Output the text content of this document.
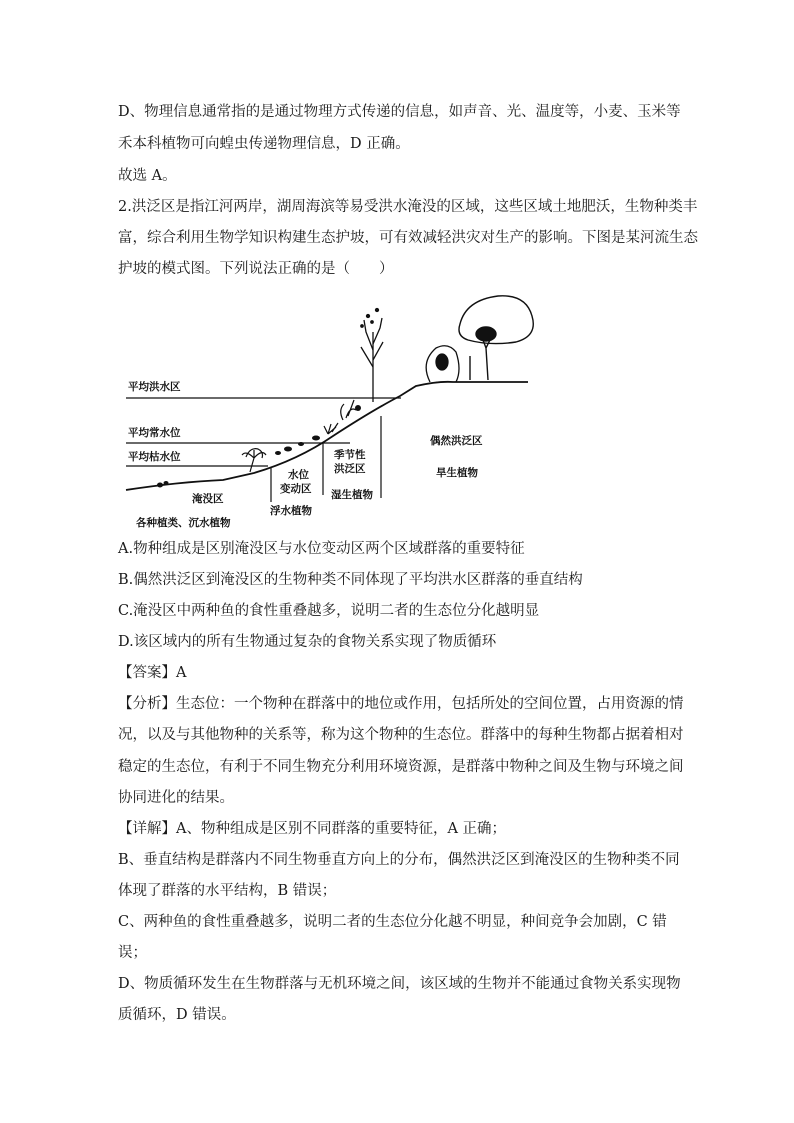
D、物理信息通常指的是通过物理方式传递的信息，如声音、光、温度等，小麦、玉米等
禾本科植物可向蝗虫传递物理信息，D 正确。
故选 A。
2.洪泛区是指江河两岸，湖周海滨等易受洪水淹没的区域，这些区域土地肥沃，生物种类丰
富，综合利用生物学知识构建生态护坡，可有效减轻洪灾对生产的影响。下图是某河流生态
护坡的模式图。下列说法正确的是（　　）
平均洪水区
平均常水位
平均枯水位
淹没区
各种植类、沉水植物
水位
变动区
浮水植物
季节性
洪泛区
湿生植物
偶然洪泛区
旱生植物
A.物种组成是区别淹没区与水位变动区两个区域群落的重要特征
B.偶然洪泛区到淹没区的生物种类不同体现了平均洪水区群落的垂直结构
C.淹没区中两种鱼的食性重叠越多，说明二者的生态位分化越明显
D.该区域内的所有生物通过复杂的食物关系实现了物质循环
【答案】A
【分析】生态位：一个物种在群落中的地位或作用，包括所处的空间位置，占用资源的情
况，以及与其他物种的关系等，称为这个物种的生态位。群落中的每种生物都占据着相对
稳定的生态位，有利于不同生物充分利用环境资源，是群落中物种之间及生物与环境之间
协同进化的结果。
【详解】A、物种组成是区别不同群落的重要特征，A 正确；
B、垂直结构是群落内不同生物垂直方向上的分布，偶然洪泛区到淹没区的生物种类不同
体现了群落的水平结构，B 错误；
C、两种鱼的食性重叠越多，说明二者的生态位分化越不明显，种间竞争会加剧，C 错
误；
D、物质循环发生在生物群落与无机环境之间，该区域的生物并不能通过食物关系实现物
质循环，D 错误。
